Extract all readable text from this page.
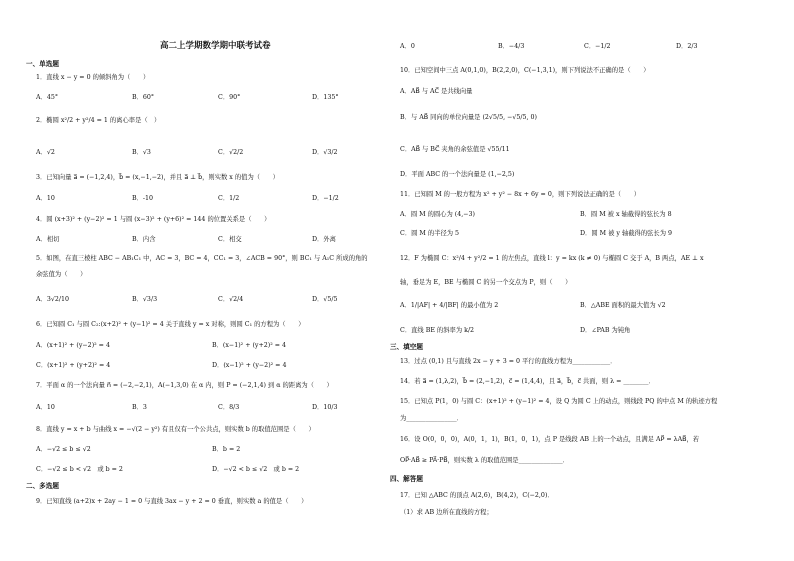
高二上学期数学期中联考试卷
一、单选题
1．直线 x − y = 0 的倾斜角为（　　）
A．45°	B．60°	C．90°	D．135°
2．椭圆 x²/2 + y²/4 = 1 的离心率是（　）
A．√2	B．√3	C．√2/2	D．√3/2
3．已知向量 a⃗ = (−1,2,4)，b⃗ = (x,−1,−2)，并且 a⃗ ⊥ b⃗，则实数 x 的值为（　　）
A．10	B．-10	C．1/2	D．−1/2
4．圆 (x+3)² + (y−2)² = 1 与圆 (x−3)² + (y+6)² = 144 的位置关系是（　　）
A．相切	B．内含	C．相交	D．外离
5．如图，在直三棱柱 ABC − AB₁C₁ 中，AC = 3，BC = 4，CC₁ = 3，∠ACB = 90°，则 BC₁ 与 A₁C 所成的角的
余弦值为（　　）
A．3√2/10	B．√3/3	C．√2/4	D．√5/5
6．已知圆 C₁ 与圆 C₂:(x+2)² + (y−1)² = 4 关于直线 y = x 对称，则圆 C₁ 的方程为（　　）
A．(x+1)² + (y−2)² = 4	B．(x−1)² + (y+2)² = 4
C．(x+1)² + (y+2)² = 4	D．(x−1)² + (y−2)² = 4
7．平面 α 的一个法向量 n⃗ = (−2,−2,1)，A(−1,3,0) 在 α 内，则 P = (−2,1,4) 到 α 的距离为（　　）
A．10	B．3	C．8/3	D．10/3
8．直线 y = x + b 与曲线 x = −√(2 − y²) 有且仅有一个公共点，则实数 b 的取值范围是（　　）
A．−√2 ≤ b ≤ √2	B．b = 2
C．−√2 ≤ b < √2　或 b = 2	D．−√2 < b ≤ √2　或 b = 2
二、多选题
9．已知直线 (a+2)x + 2ay − 1 = 0 与直线 3ax − y + 2 = 0 垂直，则实数 a 的值是（　　）
A．0	B．−4/3	C．−1/2	D．2/3
10．已知空间中三点 A(0,1,0)，B(2,2,0)，C(−1,3,1)，则下列说法不正确的是（　　）
A．AB⃗ 与 AC⃗ 是共线向量
B．与 AB⃗ 同向的单位向量是 (2√5/5, −√5/5, 0)
C．AB⃗ 与 BC⃗ 夹角的余弦值是 √55/11
D．平面 ABC 的一个法向量是 (1,−2,5)
11．已知圆 M 的一般方程为 x² + y² − 8x + 6y = 0，则下列说法正确的是（　　）
A．圆 M 的圆心为 (4,−3)	B．圆 M 被 x 轴截得的弦长为 8
C．圆 M 的半径为 5	D．圆 M 被 y 轴截得的弦长为 9
12．F 为椭圆 C：x²/4 + y²/2 = 1 的左焦点，直线 l：y = kx (k ≠ 0) 与椭圆 C 交于 A，B 两点，AE ⊥ x
轴，垂足为 E，BE 与椭圆 C 的另一个交点为 P，则（　　）
A．1/|AF| + 4/|BF| 的最小值为 2	B．△ABE 面积的最大值为 √2
C．直线 BE 的斜率为 k/2	D．∠PAB 为钝角
三、填空题
13．过点 (0,1) 且与直线 2x − y + 3 = 0 平行的直线方程为____________．
14．若 a⃗ = (1,λ,2)，b⃗ = (2,−1,2)，c⃗ = (1,4,4)，且 a⃗，b⃗，c⃗ 共面，则 λ = ________．
15．已知点 P(1，0) 与圆 C：(x+1)² + (y−1)² = 4，设 Q 为圆 C 上的动点，则线段 PQ 的中点 M 的轨迹方程
为________________．
16．设 O(0，0，0)，A(0，1，1)，B(1，0，1)，点 P 是线段 AB 上的一个动点，且满足 AP⃗ = λAB⃗，若
OP⃗·AB⃗ ≥ PA⃗·PB⃗，则实数 λ 的取值范围是______________．
四、解答题
17．已知 △ABC 的顶点 A(2,6)，B(4,2)，C(−2,0)．
（1）求 AB 边所在直线的方程；
